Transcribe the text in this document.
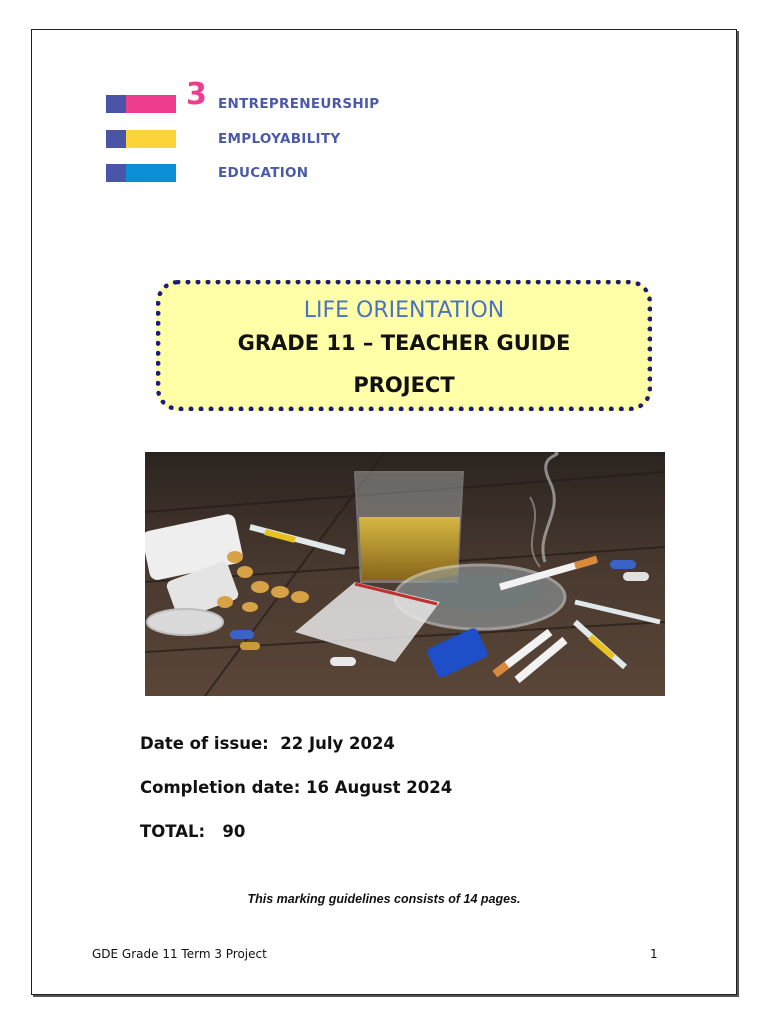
3 ENTREPRENEURSHIP
EMPLOYABILITY
EDUCATION
LIFE ORIENTATION
GRADE 11 – TEACHER GUIDE
PROJECT
Date of issue:  22 July 2024
Completion date: 16 August 2024
TOTAL:   90
This marking guidelines consists of 14 pages.
GDE Grade 11 Term 3 Project	1
